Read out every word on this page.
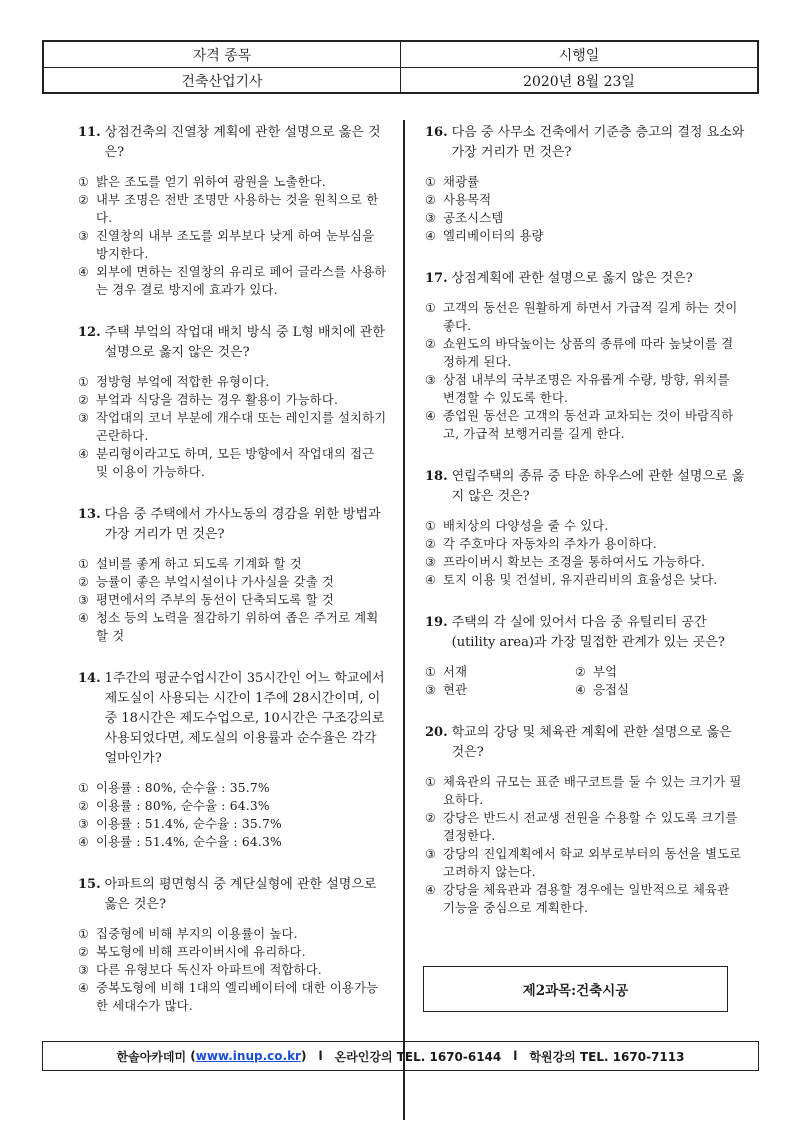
자격 종목	시행일
건축산업기사	2020년 8월 23일
11. 상점건축의 진열창 계획에 관한 설명으로 옳은 것은?
① 밝은 조도를 얻기 위하여 광원을 노출한다.
② 내부 조명은 전반 조명만 사용하는 것을 원칙으로 한다.
③ 진열창의 내부 조도를 외부보다 낮게 하여 눈부심을 방지한다.
④ 외부에 면하는 진열창의 유리로 페어 글라스를 사용하는 경우 결로 방지에 효과가 있다.
12. 주택 부엌의 작업대 배치 방식 중 L형 배치에 관한 설명으로 옳지 않은 것은?
① 정방형 부엌에 적합한 유형이다.
② 부엌과 식당을 겸하는 경우 활용이 가능하다.
③ 작업대의 코너 부분에 개수대 또는 레인지를 설치하기 곤란하다.
④ 분리형이라고도 하며, 모든 방향에서 작업대의 접근 및 이용이 가능하다.
13. 다음 중 주택에서 가사노동의 경감을 위한 방법과 가장 거리가 먼 것은?
① 설비를 좋게 하고 되도록 기계화 할 것
② 능률이 좋은 부엌시설이나 가사실을 갖출 것
③ 평면에서의 주부의 동선이 단축되도록 할 것
④ 청소 등의 노력을 절감하기 위하여 좁은 주거로 계획할 것
14. 1주간의 평균수업시간이 35시간인 어느 학교에서 제도실이 사용되는 시간이 1주에 28시간이며, 이 중 18시간은 제도수업으로, 10시간은 구조강의로 사용되었다면, 제도실의 이용률과 순수율은 각각 얼마인가?
① 이용률 : 80%, 순수율 : 35.7%
② 이용률 : 80%, 순수율 : 64.3%
③ 이용률 : 51.4%, 순수율 : 35.7%
④ 이용률 : 51.4%, 순수율 : 64.3%
15. 아파트의 평면형식 중 계단실형에 관한 설명으로 옳은 것은?
① 집중형에 비해 부지의 이용률이 높다.
② 복도형에 비해 프라이버시에 유리하다.
③ 다른 유형보다 독신자 아파트에 적합하다.
④ 중복도형에 비해 1대의 엘리베이터에 대한 이용가능한 세대수가 많다.
16. 다음 중 사무소 건축에서 기준층 층고의 결정 요소와 가장 거리가 먼 것은?
① 채광률
② 사용목적
③ 공조시스템
④ 엘리베이터의 용량
17. 상점계획에 관한 설명으로 옳지 않은 것은?
① 고객의 동선은 원활하게 하면서 가급적 길게 하는 것이 좋다.
② 쇼윈도의 바닥높이는 상품의 종류에 따라 높낮이를 결정하게 된다.
③ 상점 내부의 국부조명은 자유롭게 수량, 방향, 위치를 변경할 수 있도록 한다.
④ 종업원 동선은 고객의 동선과 교차되는 것이 바람직하고, 가급적 보행거리를 길게 한다.
18. 연립주택의 종류 중 타운 하우스에 관한 설명으로 옳지 않은 것은?
① 배치상의 다양성을 줄 수 있다.
② 각 주호마다 자동차의 주차가 용이하다.
③ 프라이버시 확보는 조경을 통하여서도 가능하다.
④ 토지 이용 및 건설비, 유지관리비의 효율성은 낮다.
19. 주택의 각 실에 있어서 다음 중 유틸리티 공간(utility area)과 가장 밀접한 관계가 있는 곳은?
① 서재	② 부엌
③ 현관	④ 응접실
20. 학교의 강당 및 체육관 계획에 관한 설명으로 옳은 것은?
① 체육관의 규모는 표준 배구코트를 둘 수 있는 크기가 필요하다.
② 강당은 반드시 전교생 전원을 수용할 수 있도록 크기를 결정한다.
③ 강당의 진입계획에서 학교 외부로부터의 동선을 별도로 고려하지 않는다.
④ 강당을 체육관과 겸용할 경우에는 일반적으로 체육관 기능을 중심으로 계획한다.
제2과목:건축시공
한솔아카데미 ( www.inup.co.kr ) l 온라인강의 TEL. 1670-6144 l 학원강의 TEL. 1670-7113
